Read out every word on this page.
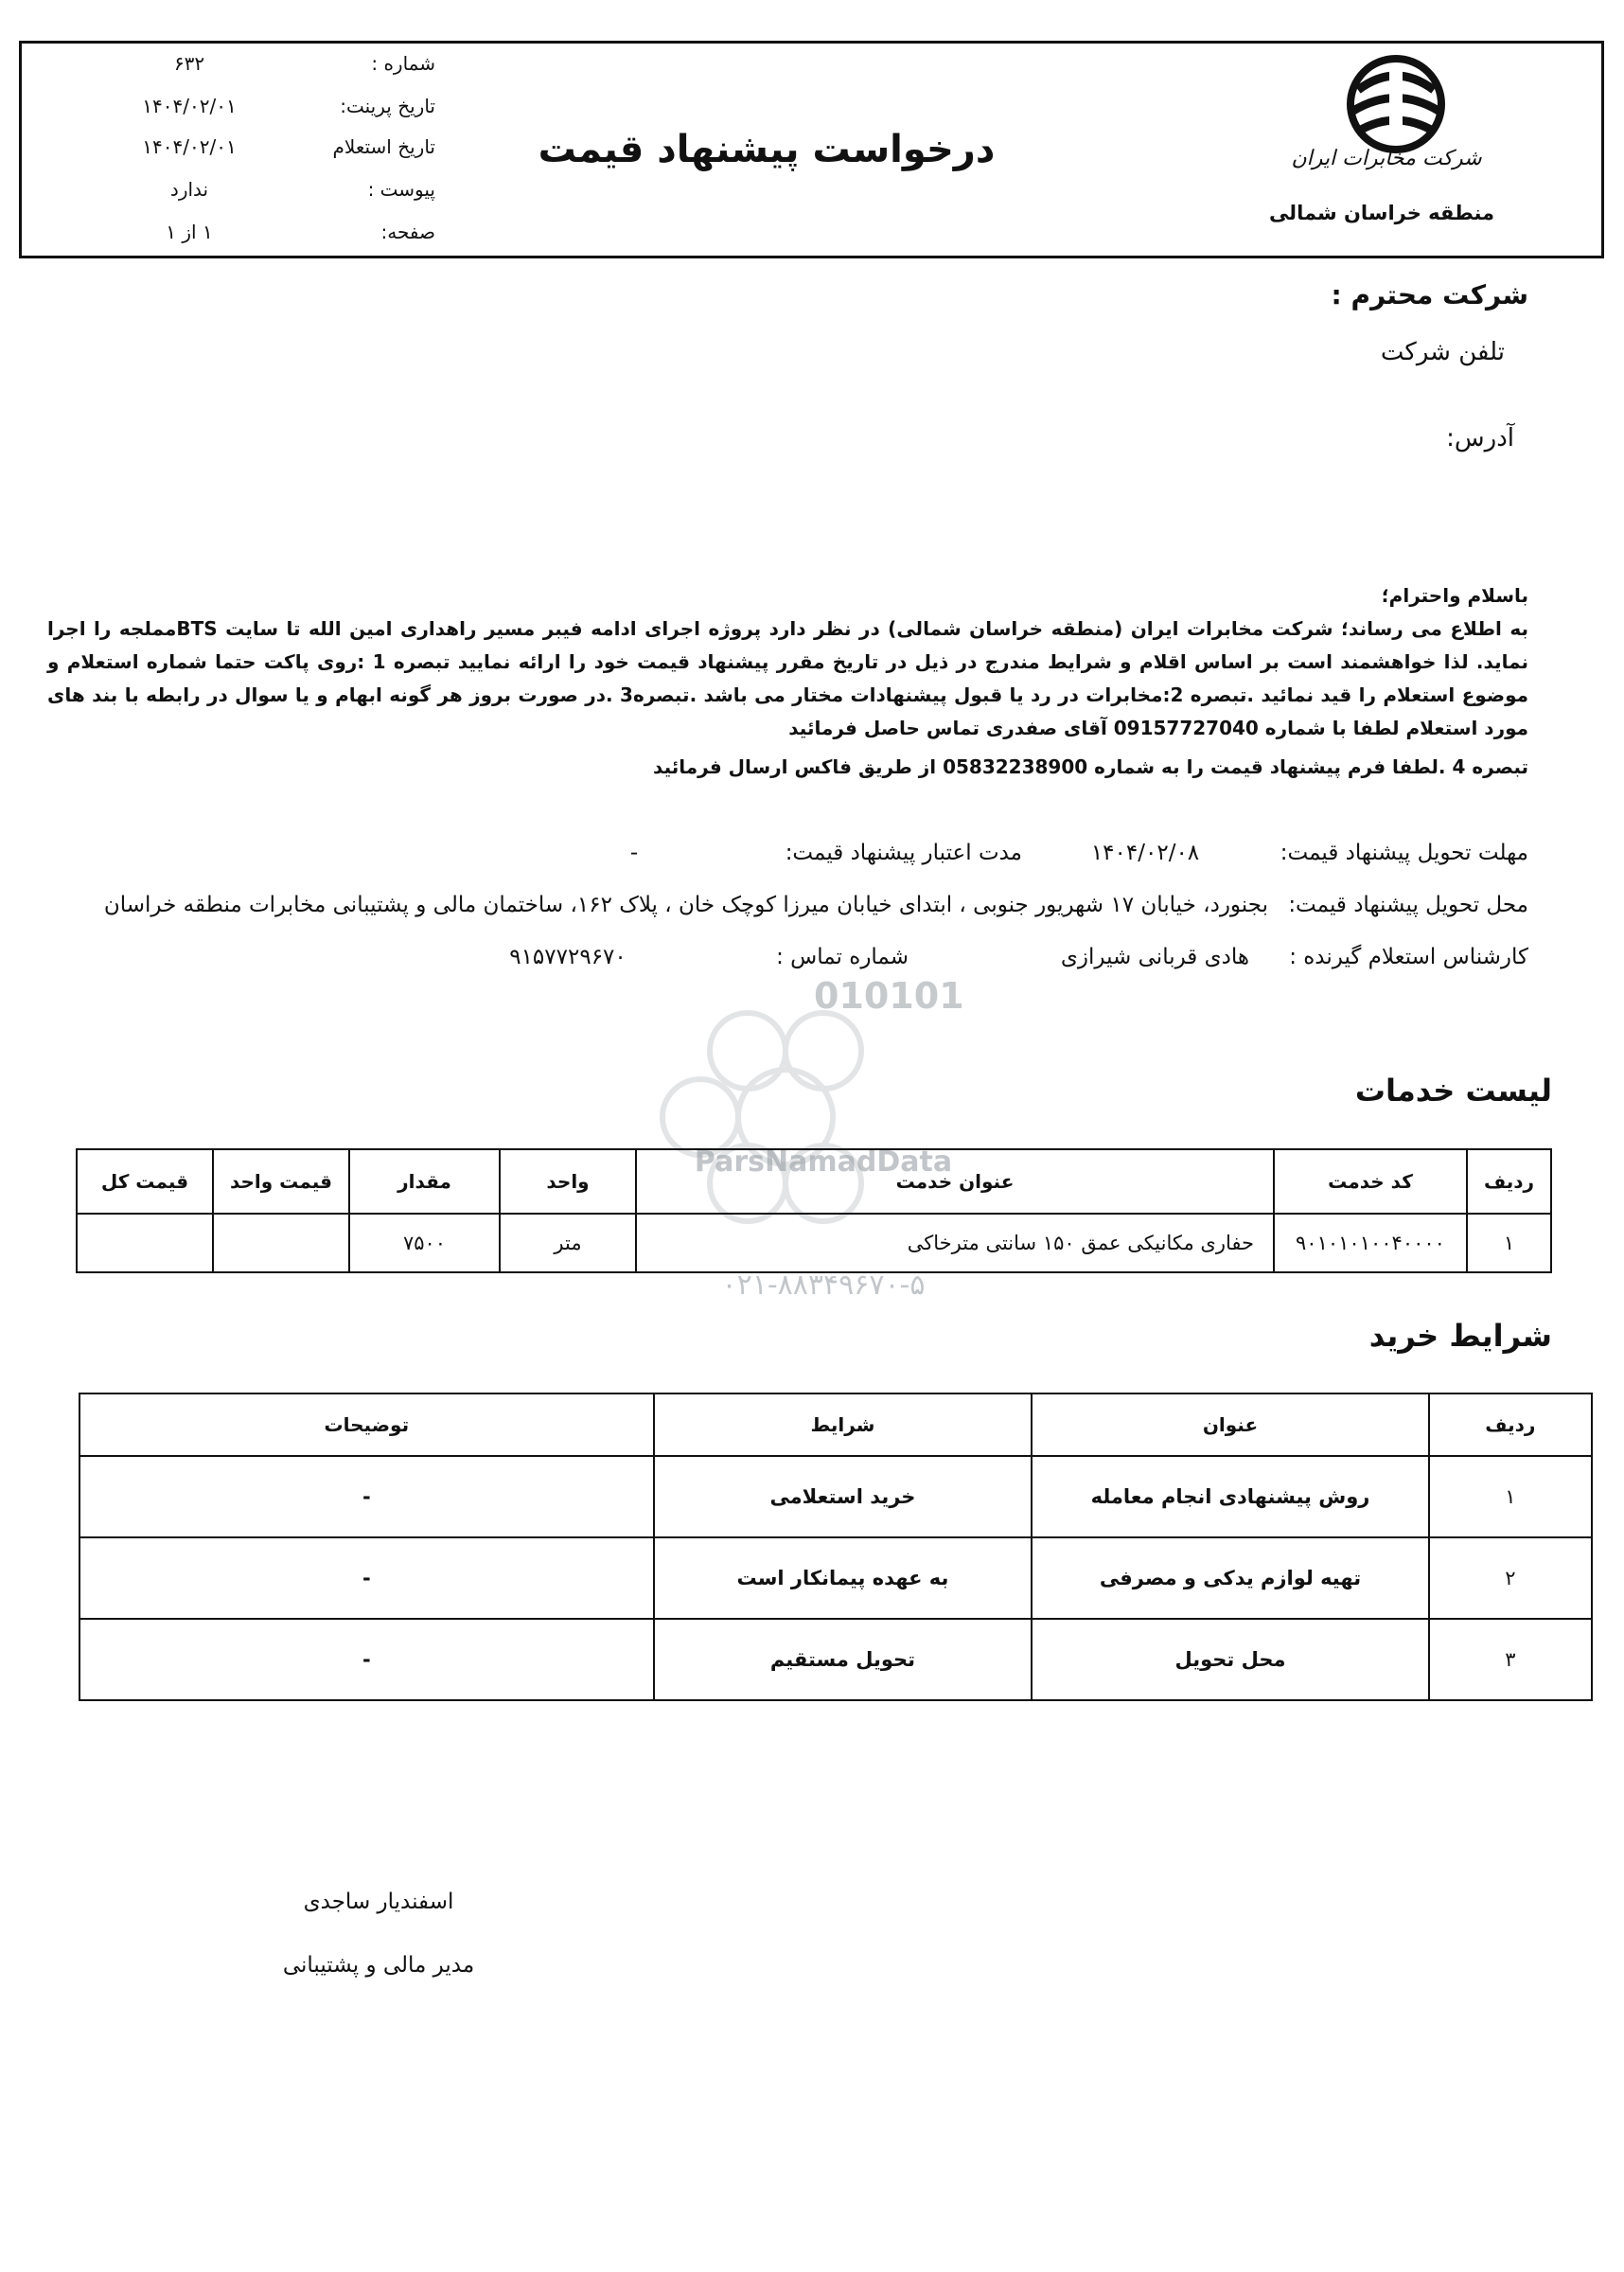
شرکت مخابرات ایران
منطقه خراسان شمالی
درخواست پیشنهاد قیمت
شماره :
۶۳۲
تاریخ پرینت:
۱۴۰۴/۰۲/۰۱
تاریخ استعلام
۱۴۰۴/۰۲/۰۱
پیوست :
ندارد
صفحه:
۱ از ۱
شرکت محترم :
تلفن شرکت
آدرس:
010101
ParsNamadData
۰۲۱-۸۸۳۴۹۶۷۰-۵

باسلام واحترام؛

به اطلاع می رساند؛ شرکت مخابرات ایران (منطقه خراسان شمالی) در نظر دارد پروژه اجرای ادامه فیبر مسیر راهداری امین الله تا سایت BTSمملجه را اجرا نماید. لذا خواهشمند است بر اساس اقلام و شرایط مندرج در ذیل در تاریخ مقرر پیشنهاد قیمت خود را ارائه نمایید تبصره 1 :روی پاکت حتما شماره استعلام و موضوع استعلام را قید نمائید .تبصره 2:مخابرات در رد یا قبول پیشنهادات مختار می باشد .تبصره3 .در صورت بروز هر گونه ابهام و یا سوال در رابطه با بند های مورد استعلام لطفا با شماره 09157727040 آقای صفدری تماس حاصل فرمائید

تبصره 4 .لطفا فرم پیشنهاد قیمت را به شماره 05832238900 از طریق فاکس ارسال فرمائید

مهلت تحویل پیشنهاد قیمت:
۱۴۰۴/۰۲/۰۸
مدت اعتبار پیشنهاد قیمت:
-
محل تحویل پیشنهاد قیمت:
بجنورد، خیابان ۱۷ شهریور جنوبی ، ابتدای خیابان میرزا کوچک خان ، پلاک ۱۶۲، ساختمان مالی و پشتیبانی مخابرات منطقه خراسان
کارشناس استعلام گیرنده :
هادی قربانی شیرازی
شماره تماس :
۹۱۵۷۷۲۹۶۷۰
لیست خدمات
ردیف	کد خدمت	عنوان خدمت	واحد	مقدار	قیمت واحد	قیمت کل
۱	۹۰۱۰۱۰۱۰۰۴۰۰۰۰	حفاری مکانیکی عمق ۱۵۰ سانتی مترخاکی	متر	۷۵۰۰		
شرایط خرید
ردیف	عنوان	شرایط	توضیحات
۱	روش پیشنهادی انجام معامله	خرید استعلامی	-
۲	تهیه لوازم یدکی و مصرفی	به عهده پیمانکار است	-
۳	محل تحویل	تحویل مستقیم	-
اسفندیار ساجدی
مدیر مالی و پشتیبانی
